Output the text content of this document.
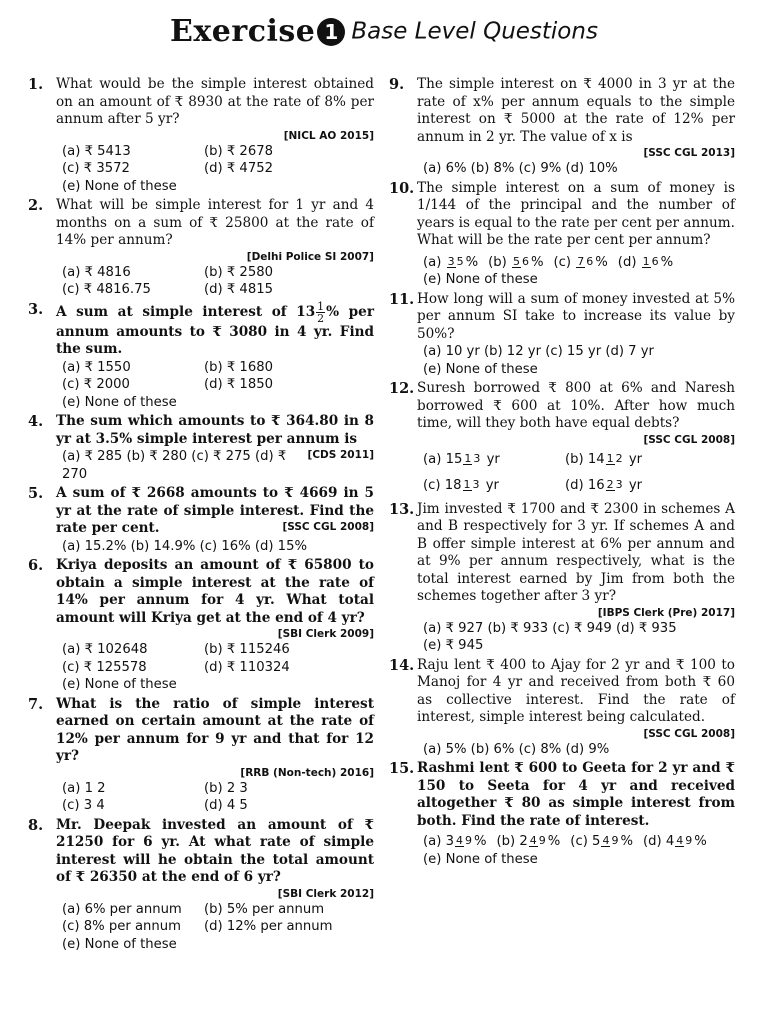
Exercise 1 Base Level Questions
1. What would be the simple interest obtained on an amount of ₹ 8930 at the rate of 8% per annum after 5 yr?
[NICL AO 2015]
(a) ₹ 5413	(b) ₹ 2678
(c) ₹ 3572	(d) ₹ 4752
(e) None of these
2. What will be simple interest for 1 yr and 4 months on a sum of ₹ 25800 at the rate of 14% per annum?
[Delhi Police SI 2007]
(a) ₹ 4816	(b) ₹ 2580
(c) ₹ 4816.75	(d) ₹ 4815
3. A sum at simple interest of $13 \frac{1}{2}$ % per annum amounts to ₹ 3080 in 4 yr. Find the sum.
(a) ₹ 1550	(b) ₹ 1680
(c) ₹ 2000	(d) ₹ 1850
(e) None of these
4. The sum which amounts to ₹ 364.80 in 8 yr at 3.5% simple interest per annum is
[CDS 2011]
(a) ₹ 285 (b) ₹ 280 (c) ₹ 275 (d) ₹ 270
5. A sum of ₹ 2668 amounts to ₹ 4669 in 5 yr at the rate of simple interest. Find the rate per cent.	[SSC CGL 2008]
(a) 15.2% (b) 14.9% (c) 16% (d) 15%
6. Kriya deposits an amount of ₹ 65800 to obtain a simple interest at the rate of 14% per annum for 4 yr. What total amount will Kriya get at the end of 4 yr?
[SBI Clerk 2009]
(a) ₹ 102648	(b) ₹ 115246
(c) ₹ 125578	(d) ₹ 110324
(e) None of these
7. What is the ratio of simple interest earned on certain amount at the rate of 12% per annum for 9 yr and that for 12 yr?
[RRB (Non-tech) 2016]
(a) 1 2	(b) 2 3
(c) 3 4	(d) 4 5
8. Mr. Deepak invested an amount of ₹ 21250 for 6 yr. At what rate of simple interest will he obtain the total amount of ₹ 26350 at the end of 6 yr?
[SBI Clerk 2012]
(a) 6% per annum	(b) 5% per annum
(c) 8% per annum	(d) 12% per annum
(e) None of these
9. The simple interest on ₹ 4000 in 3 yr at the rate of x% per annum equals to the simple interest on ₹ 5000 at the rate of 12% per annum in 2 yr. The value of x is
[SSC CGL 2013]
(a) 6% (b) 8% (c) 9% (d) 10%
10. The simple interest on a sum of money is 1/144 of the principal and the number of years is equal to the rate per cent per annum. What will be the rate per cent per annum?
(a) 3 5 % (b) 5 6 % (c) 7 6 % (d) 1 6 %
(e) None of these
11. How long will a sum of money invested at 5% per annum SI take to increase its value by 50%?
(a) 10 yr (b) 12 yr (c) 15 yr (d) 7 yr
(e) None of these
12. Suresh borrowed ₹ 800 at 6% and Naresh borrowed ₹ 600 at 10%. After how much time, will they both have equal debts?
[SSC CGL 2008]
(a) 15 1 3 yr	(b) 14 1 2 yr
(c) 18 1 3 yr	(d) 16 2 3 yr
13. Jim invested ₹ 1700 and ₹ 2300 in schemes A and B respectively for 3 yr. If schemes A and B offer simple interest at 6% per annum and at 9% per annum respectively, what is the total interest earned by Jim from both the schemes together after 3 yr?
[IBPS Clerk (Pre) 2017]
(a) ₹ 927 (b) ₹ 933 (c) ₹ 949 (d) ₹ 935
(e) ₹ 945
14. Raju lent ₹ 400 to Ajay for 2 yr and ₹ 100 to Manoj for 4 yr and received from both ₹ 60 as collective interest. Find the rate of interest, simple interest being calculated.
[SSC CGL 2008]
(a) 5% (b) 6% (c) 8% (d) 9%
15. Rashmi lent ₹ 600 to Geeta for 2 yr and ₹ 150 to Seeta for 4 yr and received altogether ₹ 80 as simple interest from both. Find the rate of interest.
(a) 3 4 9 % (b) 2 4 9 % (c) 5 4 9 % (d) 4 4 9 %
(e) None of these
